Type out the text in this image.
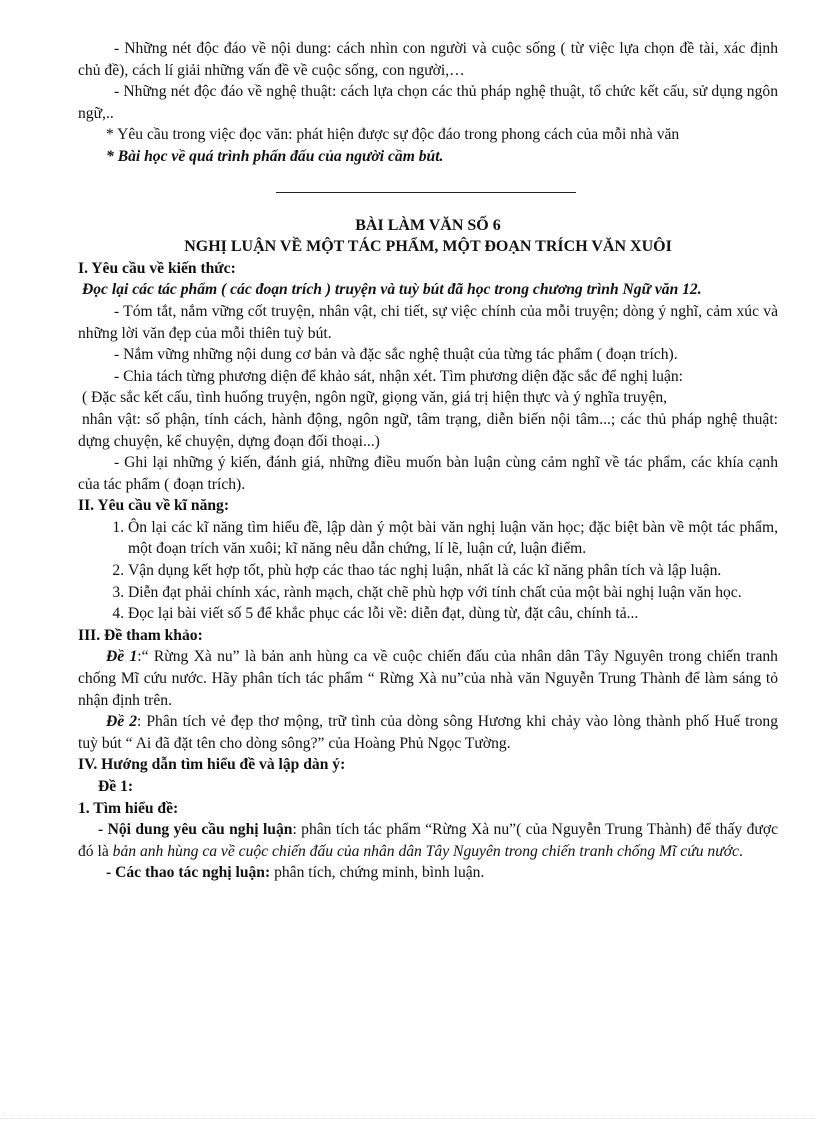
- Những nét độc đáo về nội dung: cách nhìn con người và cuộc sống ( từ việc lựa chọn đề tài, xác định chủ đề), cách lí giải những vấn đề về cuộc sống, con người,…

- Những nét độc đáo về nghệ thuật: cách lựa chọn các thủ pháp nghệ thuật, tổ chức kết cấu, sử dụng ngôn ngữ,..

* Yêu cầu trong việc đọc văn: phát hiện được sự độc đáo trong phong cách của mỗi nhà văn

* Bài học về quá trình phấn đấu của người cầm bút.

BÀI LÀM VĂN SỐ 6

NGHỊ LUẬN VỀ MỘT TÁC PHẨM, MỘT ĐOẠN TRÍCH VĂN XUÔI

I. Yêu cầu về kiến thức:

Đọc lại các tác phẩm ( các đoạn trích ) truyện và tuỳ bút đã học trong chương trình Ngữ văn 12.

- Tóm tắt, nắm vững cốt truyện, nhân vật, chi tiết, sự việc chính của mỗi truyện; dòng ý nghĩ, cảm xúc và những lời văn đẹp của mỗi thiên tuỳ bút.

- Nắm vững những nội dung cơ bản và đặc sắc nghệ thuật của từng tác phẩm ( đoạn trích).

- Chia tách từng phương diện để khảo sát, nhận xét. Tìm phương diện đặc sắc để nghị luận:

( Đặc sắc kết cấu, tình huống truyện, ngôn ngữ, giọng văn, giá trị hiện thực và ý nghĩa truyện,

nhân vật: số phận, tính cách, hành động, ngôn ngữ, tâm trạng, diễn biến nội tâm...; các thủ pháp nghệ thuật: dựng chuyện, kể chuyện, dựng đoạn đối thoại...)

- Ghi lại những ý kiến, đánh giá, những điều muốn bàn luận cùng cảm nghĩ về tác phẩm, các khía cạnh của tác phẩm ( đoạn trích).

II. Yêu cầu về kĩ năng:

1. Ôn lại các kĩ năng tìm hiểu đề, lập dàn ý một bài văn nghị luận văn học; đặc biệt bàn về một tác phẩm, một đoạn trích văn xuôi; kĩ năng nêu dẫn chứng, lí lẽ, luận cứ, luận điểm.
2. Vận dụng kết hợp tốt, phù hợp các thao tác nghị luận, nhất là các kĩ năng phân tích và lập luận.
3. Diễn đạt phải chính xác, rành mạch, chặt chẽ phù hợp với tính chất của một bài nghị luận văn học.
4. Đọc lại bài viết số 5 để khắc phục các lỗi về: diễn đạt, dùng từ, đặt câu, chính tả...

III. Đề tham khảo:

Đề 1:“ Rừng Xà nu” là bản anh hùng ca về cuộc chiến đấu của nhân dân Tây Nguyên trong chiến tranh chống Mĩ cứu nước. Hãy phân tích tác phẩm “ Rừng Xà nu”của nhà văn Nguyễn Trung Thành để làm sáng tỏ nhận định trên.

Đề 2: Phân tích vẻ đẹp thơ mộng, trữ tình của dòng sông Hương khi chảy vào lòng thành phố Huế trong tuỳ bút “ Ai đã đặt tên cho dòng sông?” của Hoàng Phủ Ngọc Tường.

IV. Hướng dẫn tìm hiểu đề và lập dàn ý:

Đề 1:

1. Tìm hiểu đề:

- Nội dung yêu cầu nghị luận: phân tích tác phẩm “Rừng Xà nu”( của Nguyễn Trung Thành) để thấy được đó là bản anh hùng ca về cuộc chiến đấu của nhân dân Tây Nguyên trong chiến tranh chống Mĩ cứu nước.

- Các thao tác nghị luận: phân tích, chứng minh, bình luận.
